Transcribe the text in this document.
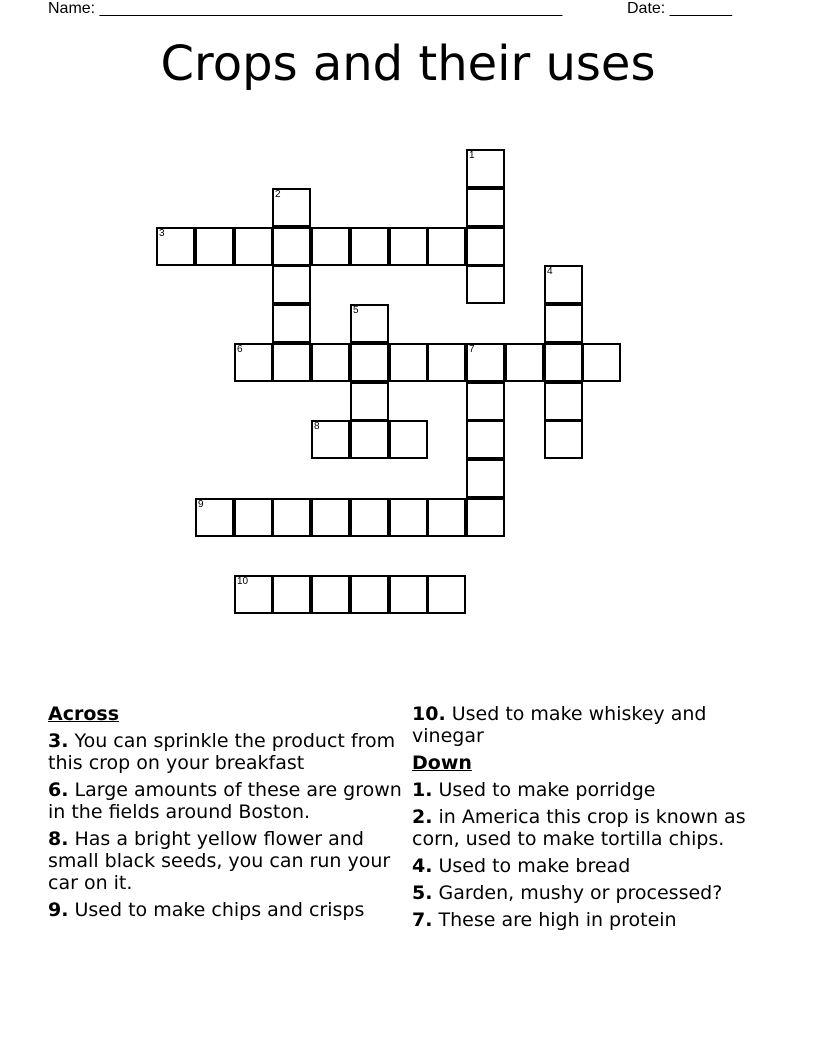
Name: ____________________________________________________	Date: _______
Crops and their uses
1
2
3
4
5
6	7
8
9
10
Across
3. You can sprinkle the product from this crop on your breakfast
6. Large amounts of these are grown in the fields around Boston.
8. Has a bright yellow flower and small black seeds, you can run your car on it.
9. Used to make chips and crisps
10. Used to make whiskey and vinegar
Down
1. Used to make porridge
2. in America this crop is known as corn, used to make tortilla chips.
4. Used to make bread
5. Garden, mushy or processed?
7. These are high in protein
